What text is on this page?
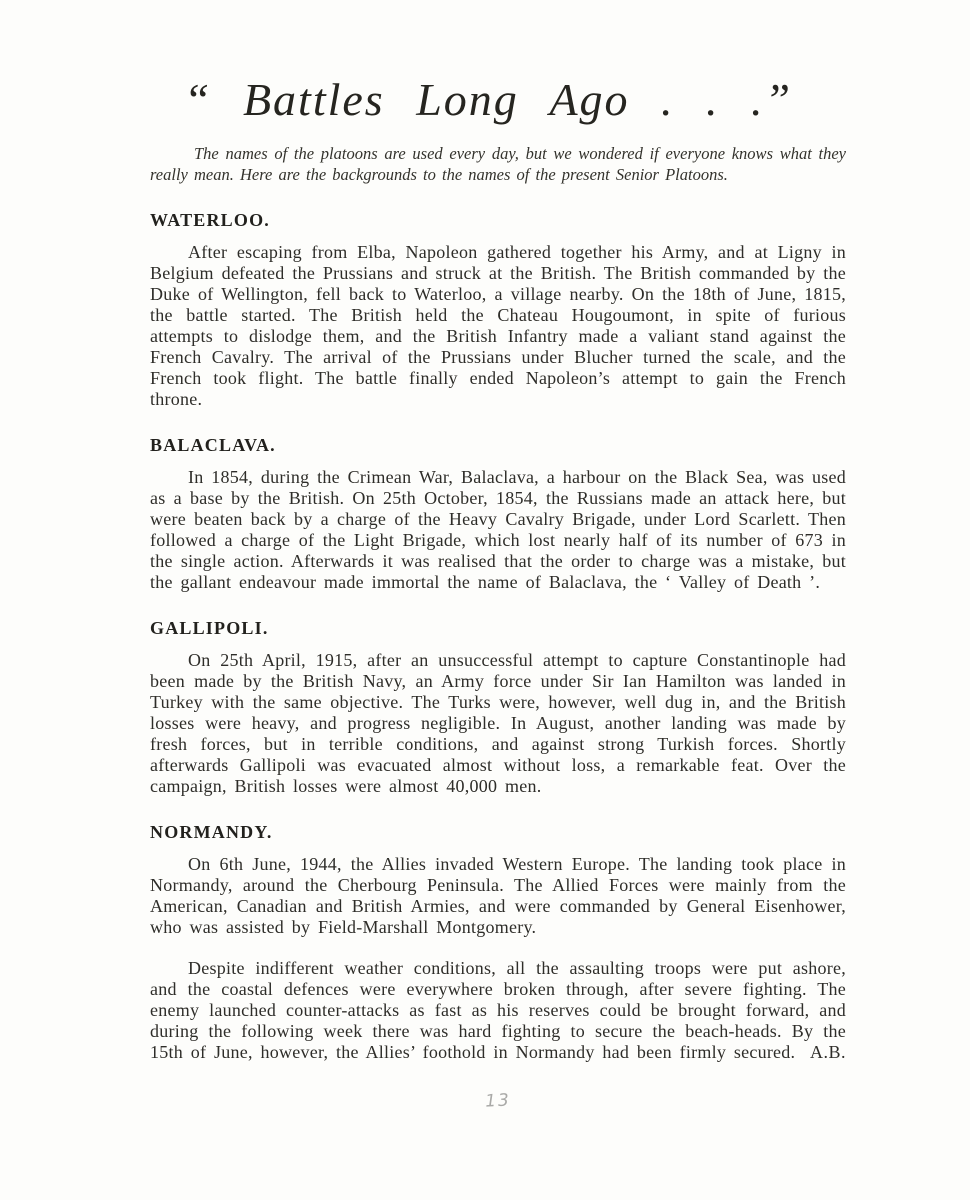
“ Battles Long Ago . . .”

The names of the platoons are used every day, but we wondered if everyone knows what they really mean. Here are the backgrounds to the names of the present Senior Platoons.

WATERLOO.

After escaping from Elba, Napoleon gathered together his Army, and at Ligny in Belgium defeated the Prussians and struck at the British. The British commanded by the Duke of Wellington, fell back to Waterloo, a village nearby. On the 18th of June, 1815, the battle started. The British held the Chateau Hougoumont, in spite of furious attempts to dislodge them, and the British Infantry made a valiant stand against the French Cavalry. The arrival of the Prussians under Blucher turned the scale, and the French took flight. The battle finally ended Napoleon’s attempt to gain the French throne.

BALACLAVA.

In 1854, during the Crimean War, Balaclava, a harbour on the Black Sea, was used as a base by the British. On 25th October, 1854, the Russians made an attack here, but were beaten back by a charge of the Heavy Cavalry Brigade, under Lord Scarlett. Then followed a charge of the Light Brigade, which lost nearly half of its number of 673 in the single action. Afterwards it was realised that the order to charge was a mistake, but the gallant endeavour made immortal the name of Balaclava, the ‘ Valley of Death ’.

GALLIPOLI.

On 25th April, 1915, after an unsuccessful attempt to capture Constantinople had been made by the British Navy, an Army force under Sir Ian Hamilton was landed in Turkey with the same objective. The Turks were, however, well dug in, and the British losses were heavy, and progress negligible. In August, another landing was made by fresh forces, but in terrible conditions, and against strong Turkish forces. Shortly afterwards Gallipoli was evacuated almost without loss, a remarkable feat. Over the campaign, British losses were almost 40,000 men.

NORMANDY.

On 6th June, 1944, the Allies invaded Western Europe. The landing took place in Normandy, around the Cherbourg Peninsula. The Allied Forces were mainly from the American, Canadian and British Armies, and were commanded by General Eisenhower, who was assisted by Field-Marshall Montgomery.

Despite indifferent weather conditions, all the assaulting troops were put ashore, and the coastal defences were everywhere broken through, after severe fighting. The enemy launched counter-attacks as fast as his reserves could be brought forward, and during the following week there was hard fighting to secure the beach-heads. By the 15th of June, however, the Allies’ foothold in Normandy had been firmly secured. A.B.

13
